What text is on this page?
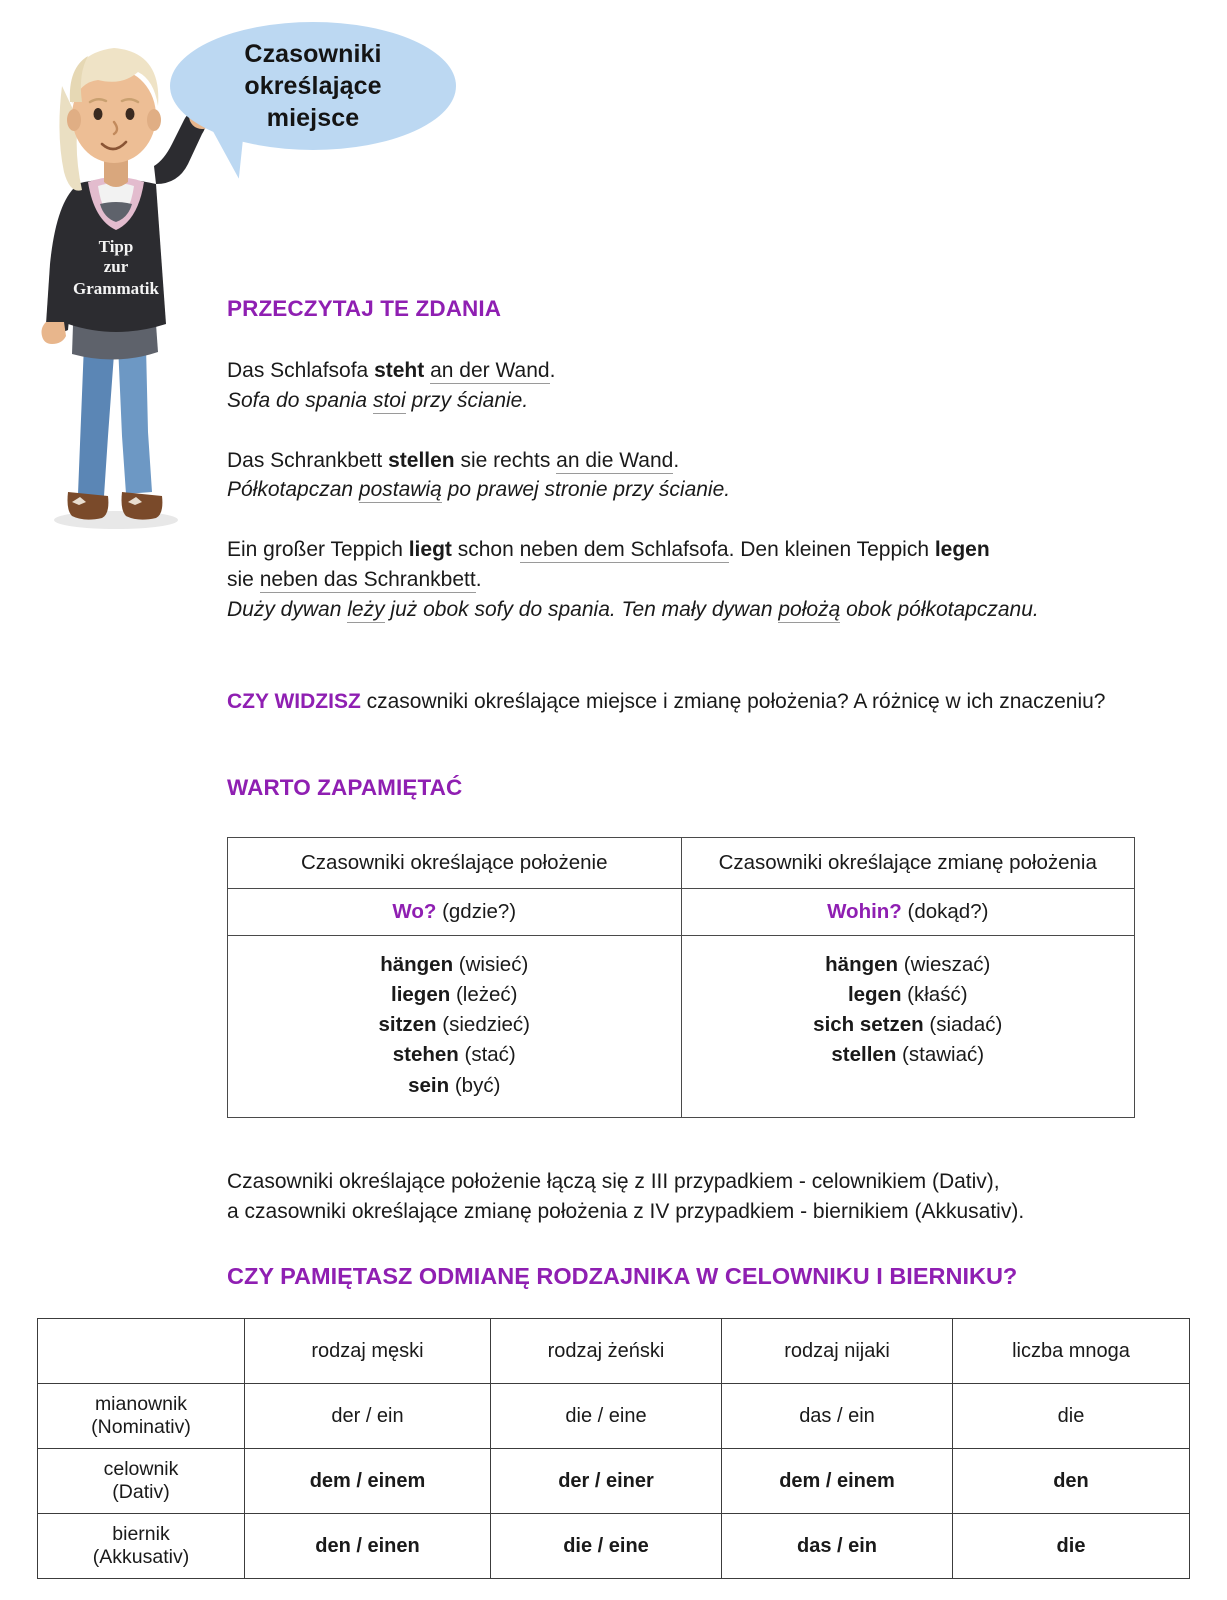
Tipp
zur
Grammatik
Czasowniki
określające
miejsce
PRZECZYTAJ TE ZDANIA
Das Schlafsofa steht an der Wand.
Sofa do spania stoi przy ścianie.
Das Schrankbett stellen sie rechts an die Wand.
Półkotapczan postawią po prawej stronie przy ścianie.
Ein großer Teppich liegt schon neben dem Schlafsofa. Den kleinen Teppich legen
sie neben das Schrankbett.
Duży dywan leży już obok sofy do spania. Ten mały dywan położą obok półkotapczanu.
CZY WIDZISZ czasowniki określające miejsce i zmianę położenia? A różnicę w ich znaczeniu?
WARTO ZAPAMIĘTAĆ
Czasowniki określające położenie	Czasowniki określające zmianę położenia
Wo? (gdzie?)	Wohin? (dokąd?)

hängen (wisieć)
liegen (leżeć)
sitzen (siedzieć)
stehen (stać)
sein (być)

hängen (wieszać)
legen (kłaść)
sich setzen (siadać)
stellen (stawiać)
Czasowniki określające położenie łączą się z III przypadkiem - celownikiem (Dativ),
a czasowniki określające zmianę położenia z IV przypadkiem - biernikiem (Akkusativ).
CZY PAMIĘTASZ ODMIANĘ RODZAJNIKA W CELOWNIKU I BIERNIKU?
	rodzaj męski	rodzaj żeński	rodzaj nijaki	liczba mnoga
mianownik
(Nominativ)	der / ein	die / eine	das / ein	die
celownik
(Dativ)	dem / einem	der / einer	dem / einem	den
biernik
(Akkusativ)	den / einen	die / eine	das / ein	die
